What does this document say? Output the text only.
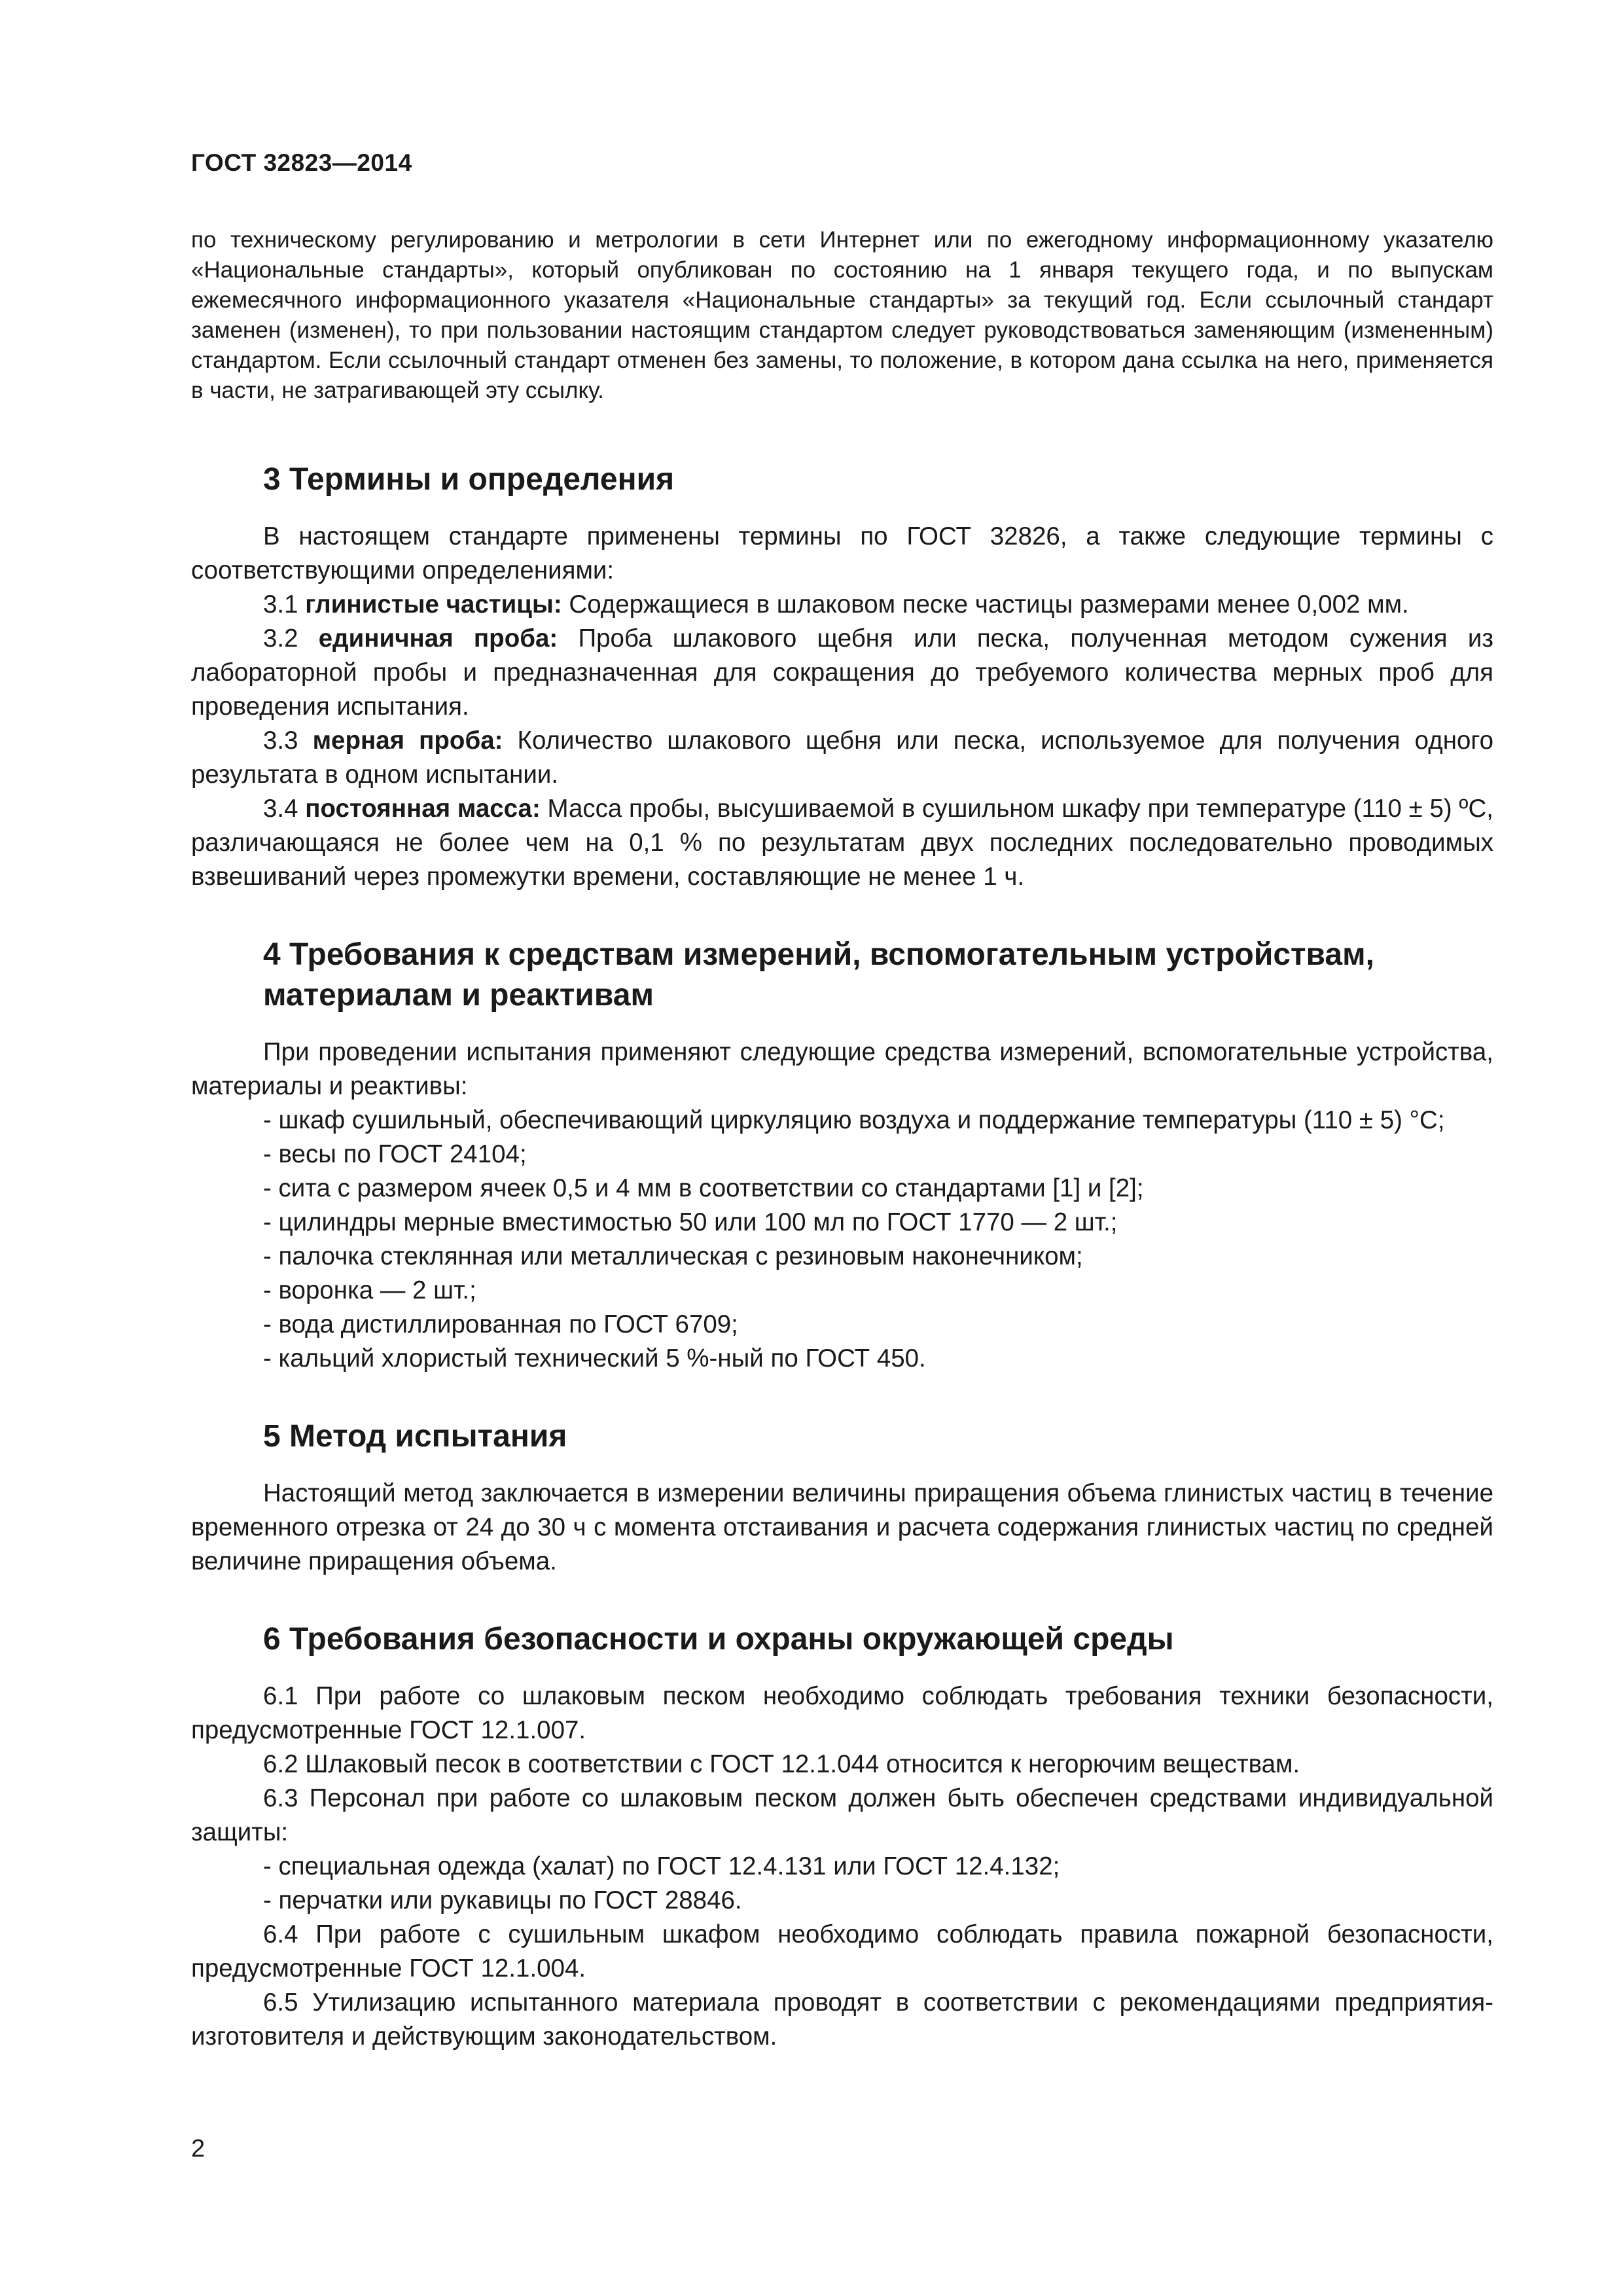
ГОСТ 32823—2014

по техническому регулированию и метрологии в сети Интернет или по ежегодному информационному указателю «Национальные стандарты», который опубликован по состоянию на 1 января текущего года, и по выпускам ежемесячного информационного указателя «Национальные стандарты» за текущий год. Если ссылочный стандарт заменен (изменен), то при пользовании настоящим стандартом следует руководствоваться заменяющим (измененным) стандартом. Если ссылочный стандарт отменен без замены, то положение, в котором дана ссылка на него, применяется в части, не затрагивающей эту ссылку.

3 Термины и определения

В настоящем стандарте применены термины по ГОСТ 32826, а также следующие термины с соответствующими определениями:

3.1 глинистые частицы: Содержащиеся в шлаковом песке частицы размерами менее 0,002 мм.

3.2 единичная проба: Проба шлакового щебня или песка, полученная методом сужения из лабораторной пробы и предназначенная для сокращения до требуемого количества мерных проб для проведения испытания.

3.3 мерная проба: Количество шлакового щебня или песка, используемое для получения одного результата в одном испытании.

3.4 постоянная масса: Масса пробы, высушиваемой в сушильном шкафу при температуре (110 ± 5) ºС, различающаяся не более чем на 0,1 % по результатам двух последних последовательно проводимых взвешиваний через промежутки времени, составляющие не менее 1 ч.

4 Требования к средствам измерений, вспомогательным устройствам,
материалам и реактивам

При проведении испытания применяют следующие средства измерений, вспомогательные устройства, материалы и реактивы:

- шкаф сушильный, обеспечивающий циркуляцию воздуха и поддержание температуры (110 ± 5) °С;

- весы по ГОСТ 24104;

- сита с размером ячеек 0,5 и 4 мм в соответствии со стандартами [1] и [2];

- цилиндры мерные вместимостью 50 или 100 мл по ГОСТ 1770 — 2 шт.;

- палочка стеклянная или металлическая с резиновым наконечником;

- воронка — 2 шт.;

- вода дистиллированная по ГОСТ 6709;

- кальций хлористый технический 5 %-ный по ГОСТ 450.

5 Метод испытания

Настоящий метод заключается в измерении величины приращения объема глинистых частиц в течение временного отрезка от 24 до 30 ч с момента отстаивания и расчета содержания глинистых частиц по средней величине приращения объема.

6 Требования безопасности и охраны окружающей среды

6.1 При работе со шлаковым песком необходимо соблюдать требования техники безопасности, предусмотренные ГОСТ 12.1.007.

6.2 Шлаковый песок в соответствии с ГОСТ 12.1.044 относится к негорючим веществам.

6.3 Персонал при работе со шлаковым песком должен быть обеспечен средствами индивидуальной защиты:

- специальная одежда (халат) по ГОСТ 12.4.131 или ГОСТ 12.4.132;

- перчатки или рукавицы по ГОСТ 28846.

6.4 При работе с сушильным шкафом необходимо соблюдать правила пожарной безопасности, предусмотренные ГОСТ 12.1.004.

6.5 Утилизацию испытанного материала проводят в соответствии с рекомендациями предприятия-изготовителя и действующим законодательством.

2
